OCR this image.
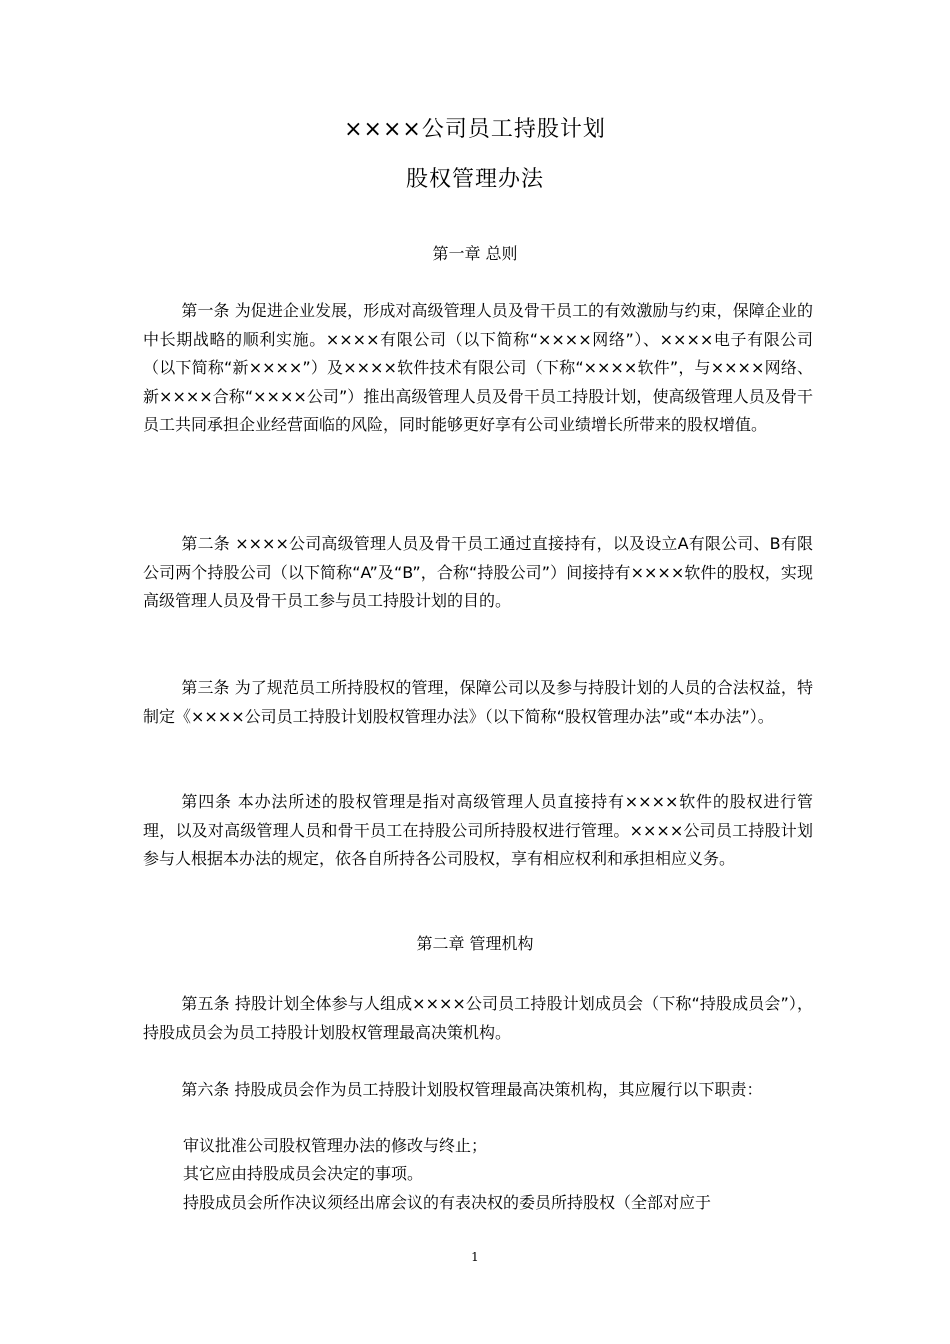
××××公司员工持股计划
股权管理办法
第一章 总则
第一条 为促进企业发展，形成对高级管理人员及骨干员工的有效激励与约束，保障企业的中长期战略的顺利实施。××××有限公司（以下简称“××××网络”）、××××电子有限公司（以下简称“新××××”）及××××软件技术有限公司（下称“××××软件”，与××××网络、新××××合称“××××公司”）推出高级管理人员及骨干员工持股计划，使高级管理人员及骨干员工共同承担企业经营面临的风险，同时能够更好享有公司业绩增长所带来的股权增值。
第二条 ××××公司高级管理人员及骨干员工通过直接持有，以及设立A有限公司、B有限公司两个持股公司（以下简称“A”及“B”，合称“持股公司”）间接持有××××软件的股权，实现高级管理人员及骨干员工参与员工持股计划的目的。
第三条 为了规范员工所持股权的管理，保障公司以及参与持股计划的人员的合法权益，特制定《××××公司员工持股计划股权管理办法》（以下简称“股权管理办法”或“本办法”）。
第四条 本办法所述的股权管理是指对高级管理人员直接持有××××软件的股权进行管理，以及对高级管理人员和骨干员工在持股公司所持股权进行管理。××××公司员工持股计划参与人根据本办法的规定，依各自所持各公司股权，享有相应权利和承担相应义务。
第二章 管理机构
第五条 持股计划全体参与人组成××××公司员工持股计划成员会（下称“持股成员会”），持股成员会为员工持股计划股权管理最高决策机构。
第六条 持股成员会作为员工持股计划股权管理最高决策机构，其应履行以下职责：
审议批准公司股权管理办法的修改与终止；
其它应由持股成员会决定的事项。
持股成员会所作决议须经出席会议的有表决权的委员所持股权（全部对应于
1
